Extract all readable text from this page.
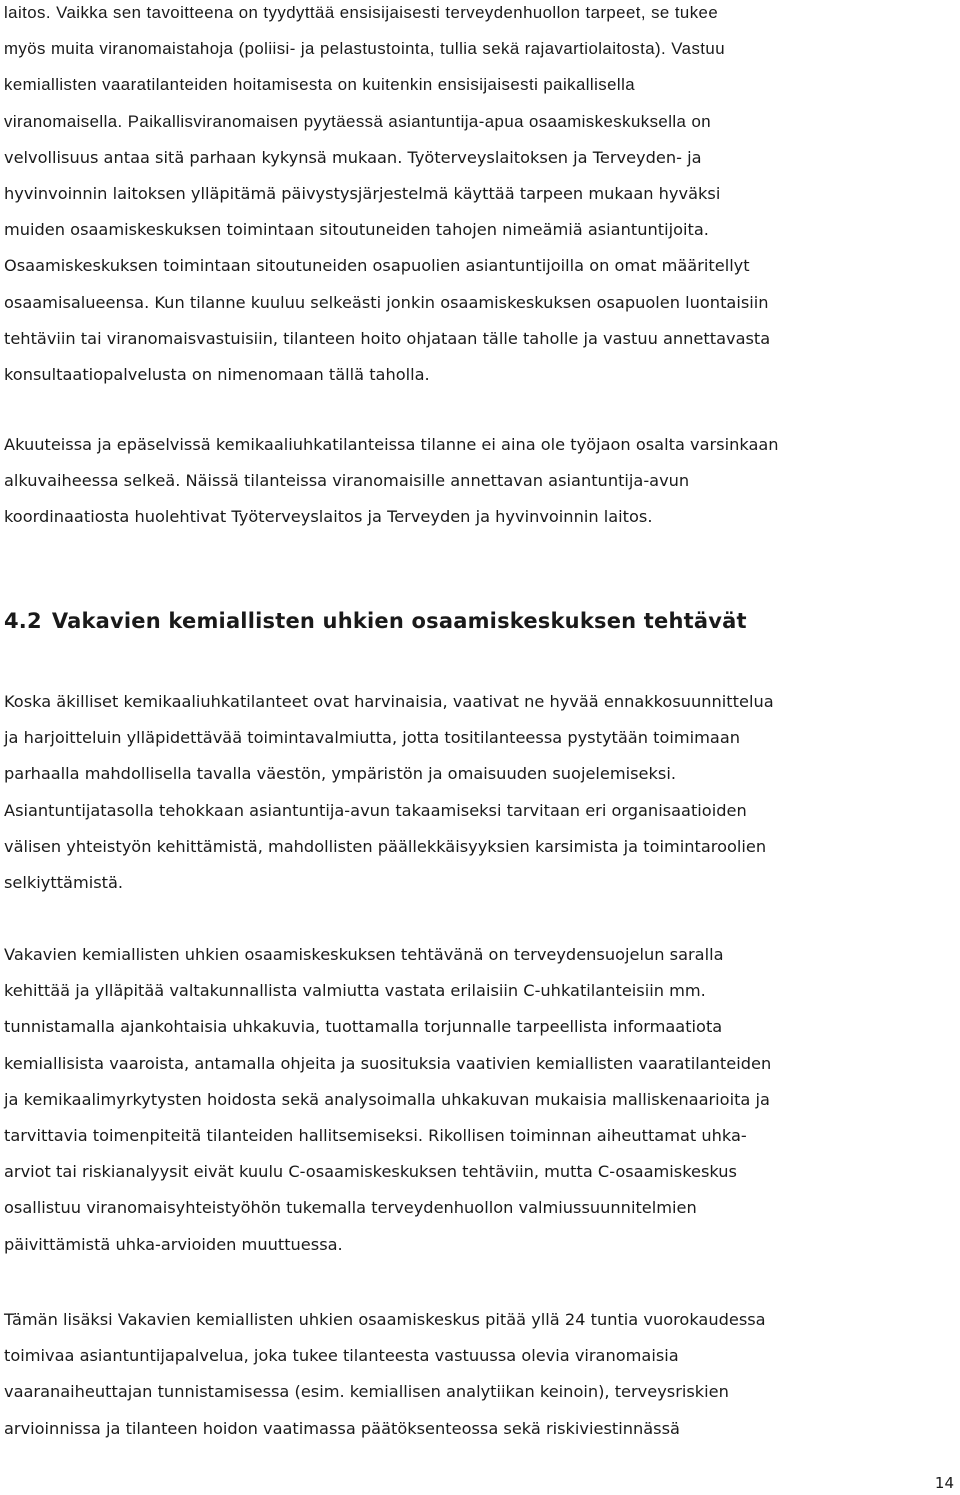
laitos. Vaikka sen tavoitteena on tyydyttää ensisijaisesti terveydenhuollon tarpeet, se tukee
myös muita viranomaistahoja (poliisi- ja pelastustointa, tullia sekä rajavartiolaitosta). Vastuu
kemiallisten vaaratilanteiden hoitamisesta on kuitenkin ensisijaisesti paikallisella
viranomaisella. Paikallisviranomaisen pyytäessä asiantuntija-apua osaamiskeskuksella on
velvollisuus antaa sitä parhaan kykynsä mukaan. Työterveyslaitoksen ja Terveyden- ja
hyvinvoinnin laitoksen ylläpitämä päivystysjärjestelmä käyttää tarpeen mukaan hyväksi
muiden osaamiskeskuksen toimintaan sitoutuneiden tahojen nimeämiä asiantuntijoita.
Osaamiskeskuksen toimintaan sitoutuneiden osapuolien asiantuntijoilla on omat määritellyt
osaamisalueensa. Kun tilanne kuuluu selkeästi jonkin osaamiskeskuksen osapuolen luontaisiin
tehtäviin tai viranomaisvastuisiin, tilanteen hoito ohjataan tälle taholle ja vastuu annettavasta
konsultaatiopalvelusta on nimenomaan tällä taholla.
Akuuteissa ja epäselvissä kemikaaliuhkatilanteissa tilanne ei aina ole työjaon osalta varsinkaan
alkuvaiheessa selkeä. Näissä tilanteissa viranomaisille annettavan asiantuntija-avun
koordinaatiosta huolehtivat Työterveyslaitos ja Terveyden ja hyvinvoinnin laitos.
4.2 Vakavien kemiallisten uhkien osaamiskeskuksen tehtävät
Koska äkilliset kemikaaliuhkatilanteet ovat harvinaisia, vaativat ne hyvää ennakkosuunnittelua
ja harjoitteluin ylläpidettävää toimintavalmiutta, jotta tositilanteessa pystytään toimimaan
parhaalla mahdollisella tavalla väestön, ympäristön ja omaisuuden suojelemiseksi.
Asiantuntijatasolla tehokkaan asiantuntija-avun takaamiseksi tarvitaan eri organisaatioiden
välisen yhteistyön kehittämistä, mahdollisten päällekkäisyyksien karsimista ja toimintaroolien
selkiyttämistä.
Vakavien kemiallisten uhkien osaamiskeskuksen tehtävänä on terveydensuojelun saralla
kehittää ja ylläpitää valtakunnallista valmiutta vastata erilaisiin C-uhkatilanteisiin mm.
tunnistamalla ajankohtaisia uhkakuvia, tuottamalla torjunnalle tarpeellista informaatiota
kemiallisista vaaroista, antamalla ohjeita ja suosituksia vaativien kemiallisten vaaratilanteiden
ja kemikaalimyrkytysten hoidosta sekä analysoimalla uhkakuvan mukaisia malliskenaarioita ja
tarvittavia toimenpiteitä tilanteiden hallitsemiseksi. Rikollisen toiminnan aiheuttamat uhka-
arviot tai riskianalyysit eivät kuulu C-osaamiskeskuksen tehtäviin, mutta C-osaamiskeskus
osallistuu viranomaisyhteistyöhön tukemalla terveydenhuollon valmiussuunnitelmien
päivittämistä uhka-arvioiden muuttuessa.
Tämän lisäksi Vakavien kemiallisten uhkien osaamiskeskus pitää yllä 24 tuntia vuorokaudessa
toimivaa asiantuntijapalvelua, joka tukee tilanteesta vastuussa olevia viranomaisia
vaaranaiheuttajan tunnistamisessa (esim. kemiallisen analytiikan keinoin), terveysriskien
arvioinnissa ja tilanteen hoidon vaatimassa päätöksenteossa sekä riskiviestinnässä
14
